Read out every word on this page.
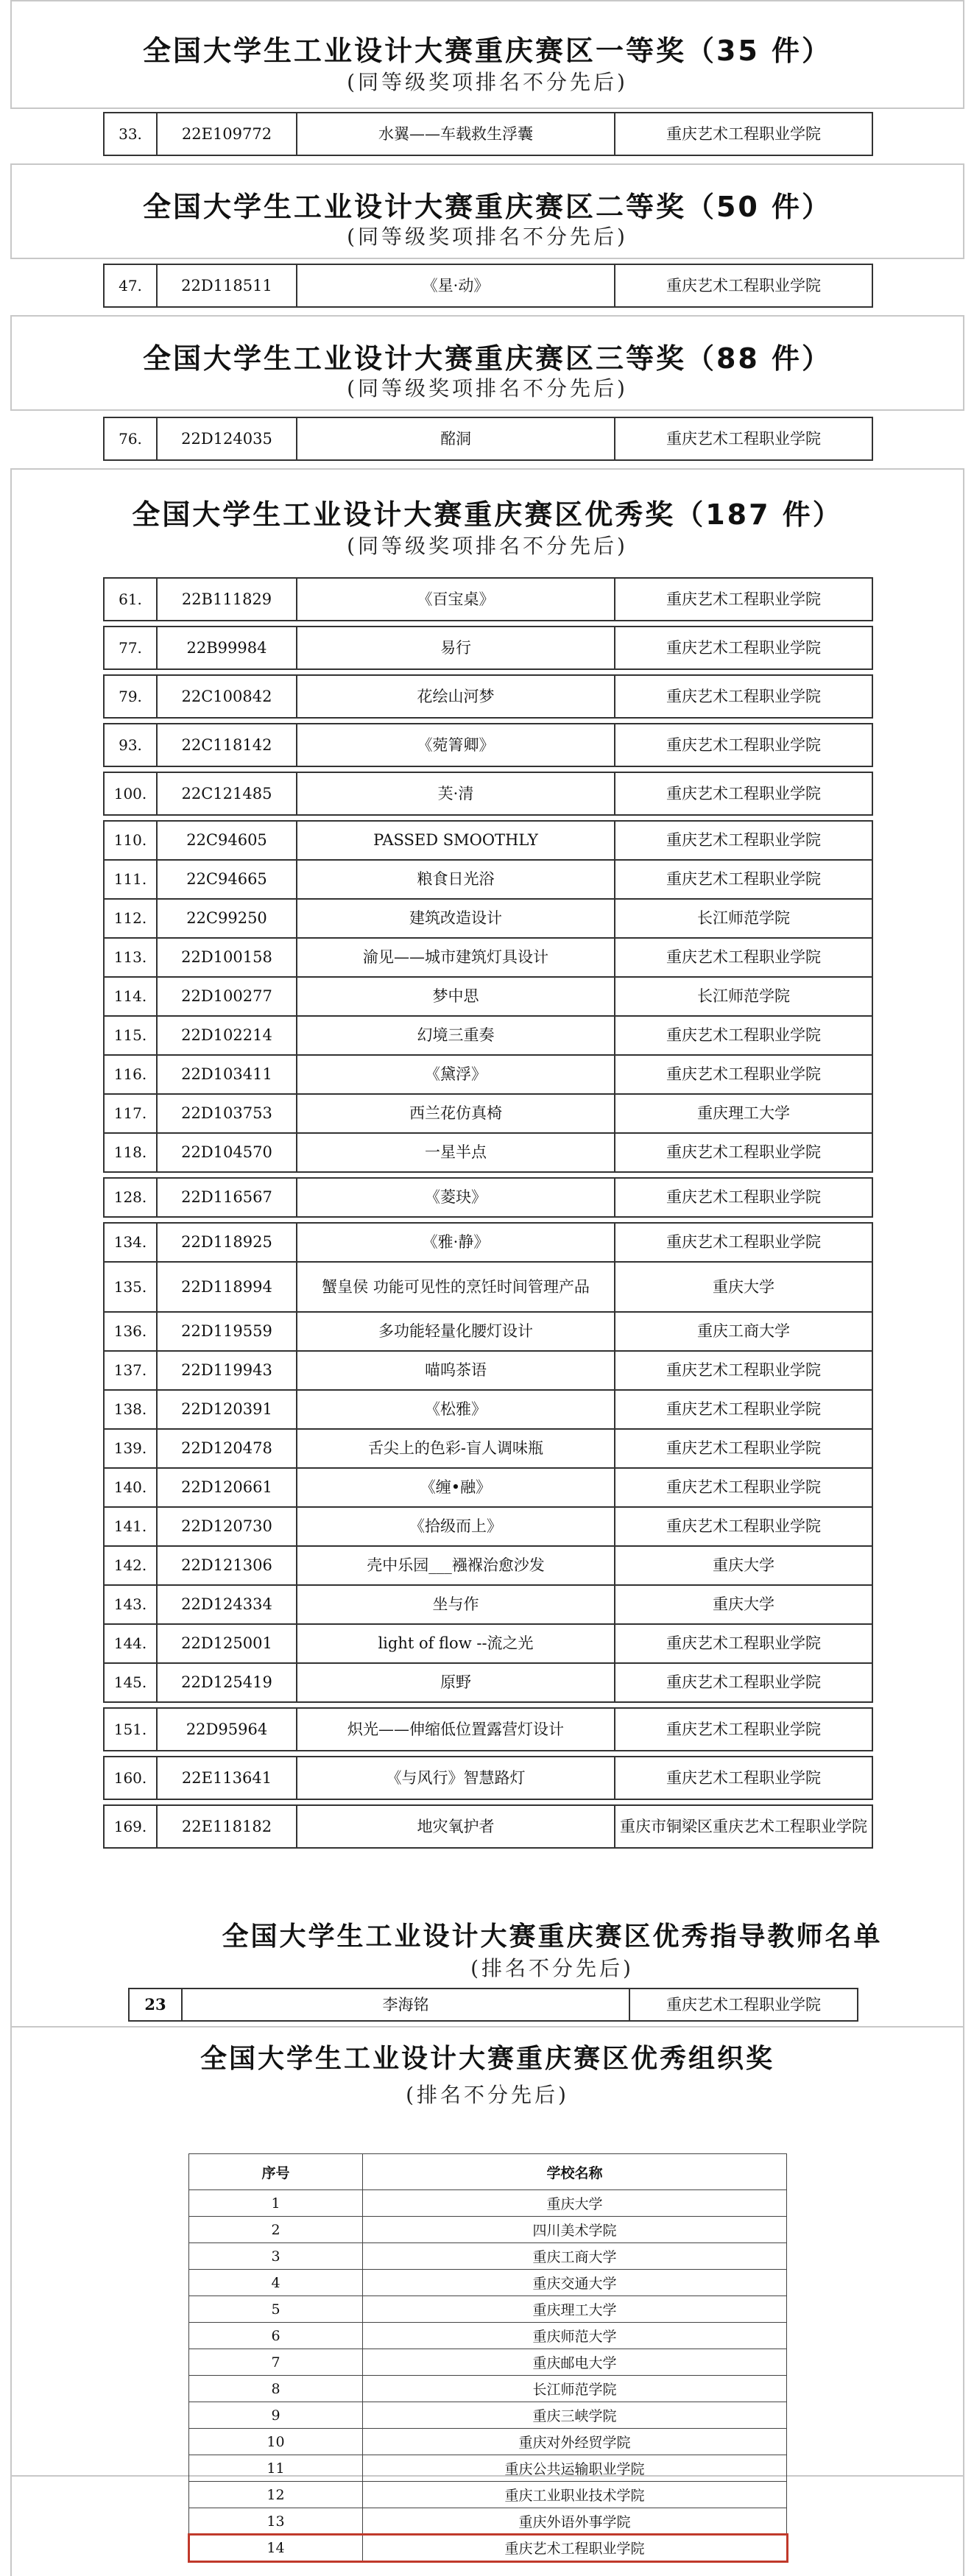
全国大学生工业设计大赛重庆赛区一等奖（35 件）
(同等级奖项排名不分先后)
33.	22E109772	水翼——车载救生浮囊	重庆艺术工程职业学院
全国大学生工业设计大赛重庆赛区二等奖（50 件）
(同等级奖项排名不分先后)
47.	22D118511	《星·动》	重庆艺术工程职业学院
全国大学生工业设计大赛重庆赛区三等奖（88 件）
(同等级奖项排名不分先后)
76.	22D124035	酩洞	重庆艺术工程职业学院
全国大学生工业设计大赛重庆赛区优秀奖（187 件）
(同等级奖项排名不分先后)
61.	22B111829	《百宝桌》	重庆艺术工程职业学院

77.	22B99984	易行	重庆艺术工程职业学院

79.	22C100842	花绘山河梦	重庆艺术工程职业学院

93.	22C118142	《菀箐卿》	重庆艺术工程职业学院

100.	22C121485	芙·清	重庆艺术工程职业学院

110.	22C94605	PASSED SMOOTHLY	重庆艺术工程职业学院
111.	22C94665	粮食日光浴	重庆艺术工程职业学院
112.	22C99250	建筑改造设计	长江师范学院
113.	22D100158	渝见——城市建筑灯具设计	重庆艺术工程职业学院
114.	22D100277	梦中思	长江师范学院
115.	22D102214	幻境三重奏	重庆艺术工程职业学院
116.	22D103411	《黛浮》	重庆艺术工程职业学院
117.	22D103753	西兰花仿真椅	重庆理工大学
118.	22D104570	一星半点	重庆艺术工程职业学院

128.	22D116567	《菱玦》	重庆艺术工程职业学院

134.	22D118925	《雅·静》	重庆艺术工程职业学院
135.	22D118994	蟹皇侯 功能可见性的烹饪时间管理产品	重庆大学
136.	22D119559	多功能轻量化腰灯设计	重庆工商大学
137.	22D119943	喵呜茶语	重庆艺术工程职业学院
138.	22D120391	《松雅》	重庆艺术工程职业学院
139.	22D120478	舌尖上的色彩-盲人调味瓶	重庆艺术工程职业学院
140.	22D120661	《缠•融》	重庆艺术工程职业学院
141.	22D120730	《拾级而上》	重庆艺术工程职业学院
142.	22D121306	壳中乐园___襁褓治愈沙发	重庆大学
143.	22D124334	坐与作	重庆大学
144.	22D125001	light of flow --流之光	重庆艺术工程职业学院
145.	22D125419	原野	重庆艺术工程职业学院

151.	22D95964	炽光——伸缩低位置露营灯设计	重庆艺术工程职业学院

160.	22E113641	《与风行》智慧路灯	重庆艺术工程职业学院

169.	22E118182	地灾氧护者	重庆市铜梁区重庆艺术工程职业学院
全国大学生工业设计大赛重庆赛区优秀指导教师名单
(排名不分先后)
23	李海铭	重庆艺术工程职业学院
全国大学生工业设计大赛重庆赛区优秀组织奖
(排名不分先后)
序号	学校名称
1	重庆大学
2	四川美术学院
3	重庆工商大学
4	重庆交通大学
5	重庆理工大学
6	重庆师范大学
7	重庆邮电大学
8	长江师范学院
9	重庆三峡学院
10	重庆对外经贸学院
11	重庆公共运输职业学院
12	重庆工业职业技术学院
13	重庆外语外事学院
14	重庆艺术工程职业学院
